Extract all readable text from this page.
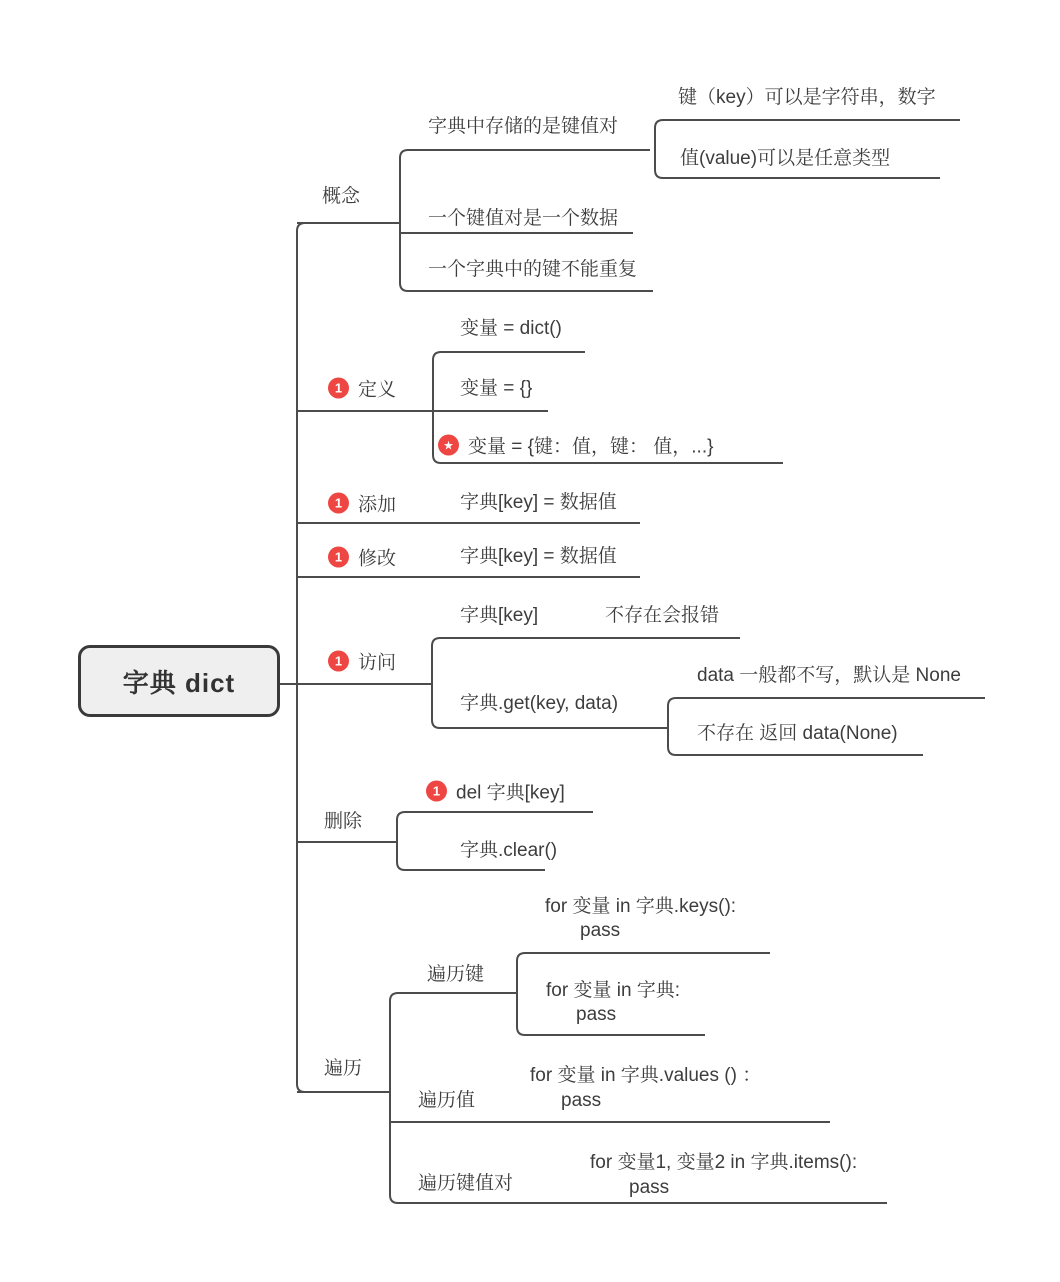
字典 dict
概念
字典中存储的是键值对
键（key）可以是字符串，数字
值(value)可以是任意类型
一个键值对是一个数据
一个字典中的键不能重复
1 定义
变量 = dict()
变量 = {}
★ 变量 = {键：值，键： 值，...}
1 添加	字典[key] = 数据值
1 修改	字典[key] = 数据值
1 访问
字典[key]	不存在会报错
字典.get(key, data)
data 一般都不写，默认是 None
不存在 返回 data(None)
删除
1 del 字典[key]
字典.clear()
遍历
遍历键
for 变量 in 字典.keys():
pass
for 变量 in 字典:
pass
遍历值
for 变量 in 字典.values () ：
pass
遍历键值对
for 变量1, 变量2 in 字典.items():
pass
